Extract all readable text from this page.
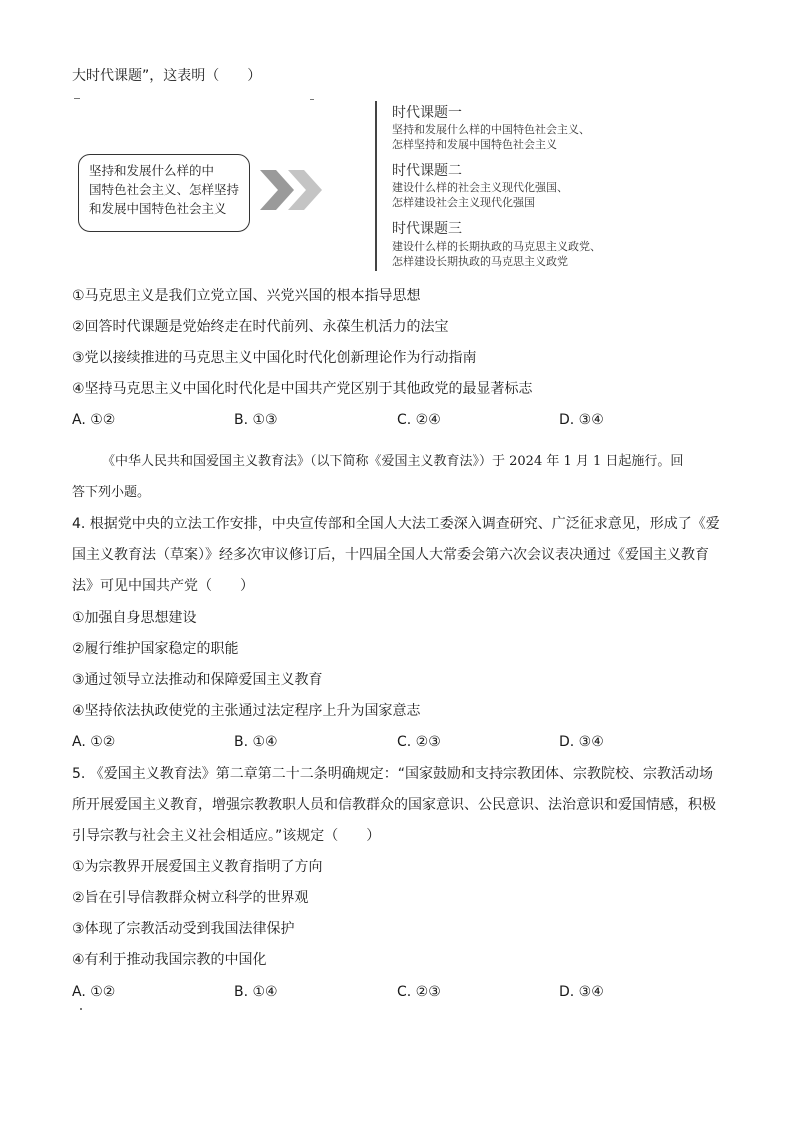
大时代课题”，这表明（　　）
坚持和发展什么样的中
国特色社会主义、怎样坚持
和发展中国特色社会主义
时代课题一
坚持和发展什么样的中国特色社会主义、
怎样坚持和发展中国特色社会主义
时代课题二
建设什么样的社会主义现代化强国、
怎样建设社会主义现代化强国
时代课题三
建设什么样的长期执政的马克思主义政党、
怎样建设长期执政的马克思主义政党
①马克思主义是我们立党立国、兴党兴国的根本指导思想
②回答时代课题是党始终走在时代前列、永葆生机活力的法宝
③党以接续推进的马克思主义中国化时代化创新理论作为行动指南
④坚持马克思主义中国化时代化是中国共产党区别于其他政党的最显著标志
A. ①②	B. ①③	C. ②④	D. ③④
《中华人民共和国爱国主义教育法》（以下简称《爱国主义教育法》）于 2024 年 1 月 1 日起施行。回
答下列小题。
4. 根据党中央的立法工作安排，中央宣传部和全国人大法工委深入调查研究、广泛征求意见，形成了《爱
国主义教育法（草案）》经多次审议修订后，十四届全国人大常委会第六次会议表决通过《爱国主义教育
法》可见中国共产党（　　）
①加强自身思想建设
②履行维护国家稳定的职能
③通过领导立法推动和保障爱国主义教育
④坚持依法执政使党的主张通过法定程序上升为国家意志
A. ①②	B. ①④	C. ②③	D. ③④
5. 《爱国主义教育法》第二章第二十二条明确规定：“国家鼓励和支持宗教团体、宗教院校、宗教活动场
所开展爱国主义教育，增强宗教教职人员和信教群众的国家意识、公民意识、法治意识和爱国情感，积极
引导宗教与社会主义社会相适应。”该规定（　　）
①为宗教界开展爱国主义教育指明了方向
②旨在引导信教群众树立科学的世界观
③体现了宗教活动受到我国法律保护
④有利于推动我国宗教的中国化
A. ①②	B. ①④	C. ②③	D. ③④
